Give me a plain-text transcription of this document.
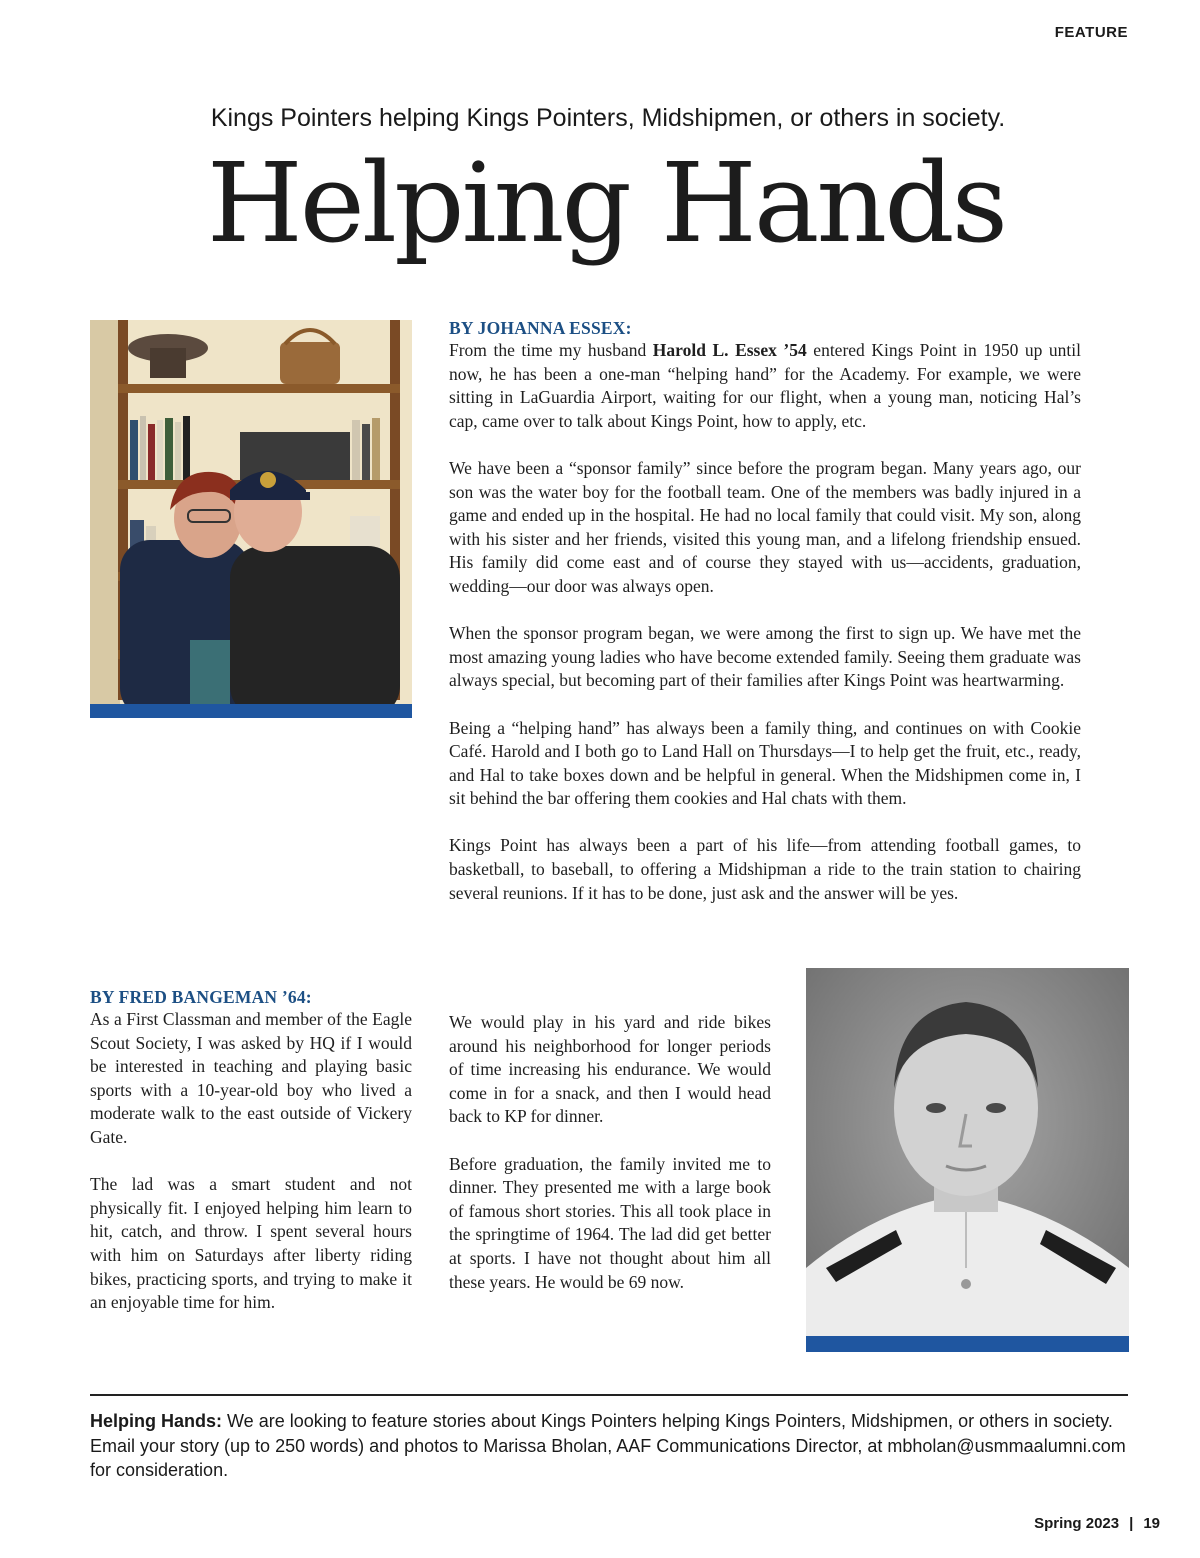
FEATURE
Kings Pointers helping Kings Pointers, Midshipmen, or others in society.
Helping Hands
BY JOHANNA ESSEX:

From the time my husband Harold L. Essex ’54 entered Kings Point in 1950 up until now, he has been a one-man “helping hand” for the Academy. For example, we were sitting in LaGuardia Airport, waiting for our flight, when a young man, noticing Hal’s cap, came over to talk about Kings Point, how to apply, etc.

We have been a “sponsor family” since before the program began. Many years ago, our son was the water boy for the football team. One of the members was badly injured in a game and ended up in the hospital. He had no local family that could visit. My son, along with his sister and her friends, visited this young man, and a lifelong friendship ensued. His family did come east and of course they stayed with us—accidents, graduation, wedding—our door was always open.

When the sponsor program began, we were among the first to sign up. We have met the most amazing young ladies who have become extended family. Seeing them graduate was always special, but becoming part of their families after Kings Point was heartwarming.

Being a “helping hand” has always been a family thing, and continues on with Cookie Café. Harold and I both go to Land Hall on Thursdays—I to help get the fruit, etc., ready, and Hal to take boxes down and be helpful in general. When the Midshipmen come in, I sit behind the bar offering them cookies and Hal chats with them.

Kings Point has always been a part of his life—from attending football games, to basketball, to baseball, to offering a Midshipman a ride to the train station to chairing several reunions. If it has to be done, just ask and the answer will be yes.

BY FRED BANGEMAN ’64:

As a First Classman and member of the Eagle Scout Society, I was asked by HQ if I would be interested in teaching and playing basic sports with a 10-year-old boy who lived a moderate walk to the east outside of Vickery Gate.

The lad was a smart student and not physically fit. I enjoyed helping him learn to hit, catch, and throw. I spent several hours with him on Saturdays after liberty riding bikes, practicing sports, and trying to make it an enjoyable time for him.

We would play in his yard and ride bikes around his neighborhood for longer periods of time increasing his endurance. We would come in for a snack, and then I would head back to KP for dinner.

Before graduation, the family invited me to dinner. They presented me with a large book of famous short stories. This all took place in the springtime of 1964. The lad did get better at sports. I have not thought about him all these years. He would be 69 now.

Helping Hands: We are looking to feature stories about Kings Pointers helping Kings Pointers, Midshipmen, or others in society. Email your story (up to 250 words) and photos to Marissa Bholan, AAF Communications Director, at mbholan@usmmaalumni.com for consideration.
Spring 2023 | 19
